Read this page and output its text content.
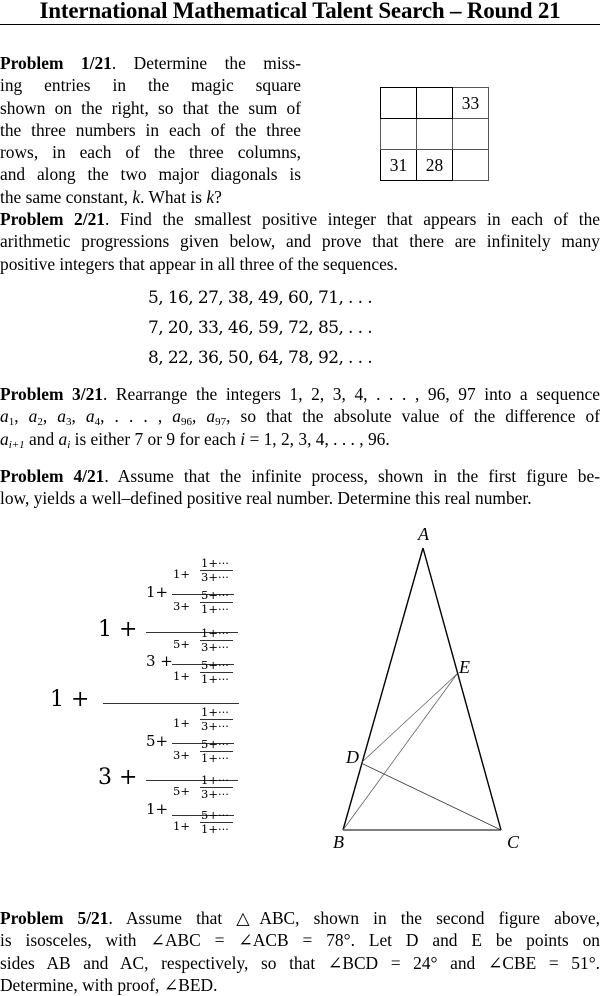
International Mathematical Talent Search – Round 21
Problem 1/21. Determine the miss-
ing entries in the magic square
shown on the right, so that the sum of
the three numbers in each of the three
rows, in each of the three columns,
and along the two major diagonals is
the same constant, k. What is k?
		33

31	28	
Problem 2/21. Find the smallest positive integer that appears in each of the
arithmetic progressions given below, and prove that there are infinitely many
positive integers that appear in all three of the sequences.
5, 16, 27, 38, 49, 60, 71, . . .
7, 20, 33, 46, 59, 72, 85, . . .
8, 22, 36, 50, 64, 78, 92, . . .
Problem 3/21. Rearrange the integers 1, 2, 3, 4, . . . , 96, 97 into a sequence
$a_1$, $a_2$, $a_3$, $a_4$, . . . , $a_{96}$, $a_{97}$, so that the absolute value of the difference of
$a_{i+1}$ and $a_i$ is either 7 or 9 for each i = 1, 2, 3, 4, . . . , 96.
Problem 4/21. Assume that the infinite process, shown in the first figure be-
low, yields a well–defined positive real number. Determine this real number.
1 +
1 +
3 +
1+
3 +
5+
1+
1+
3+
5+
1+
1+
3+
5+
1+
1+···
3+···
5+···
1+···
1+···
3+···
5+···
1+···
1+···
3+···
5+···
1+···
1+···
3+···
5+···
1+···
A
B	C
D
E
Problem 5/21. Assume that △ABC, shown in the second figure above,
is isosceles, with ∠ABC = ∠ACB = 78°. Let D and E be points on
sides AB and AC, respectively, so that ∠BCD = 24° and ∠CBE = 51°.
Determine, with proof, ∠BED.
